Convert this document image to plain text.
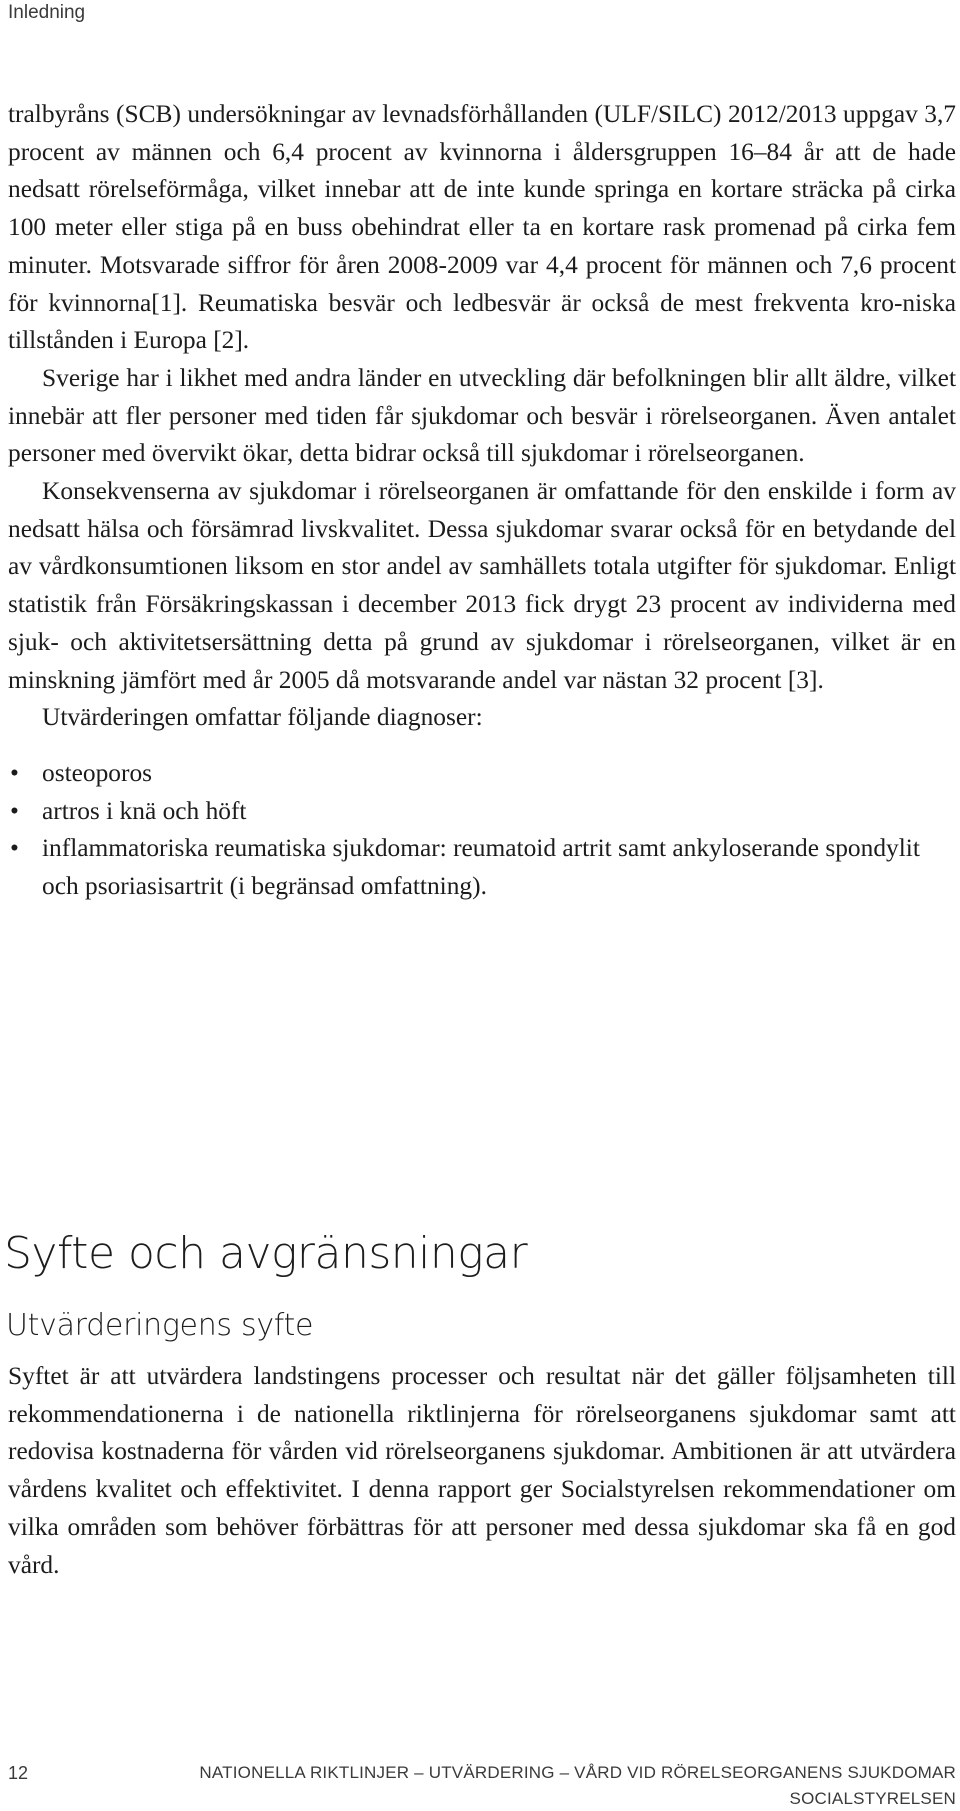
Inledning

tralbyråns (SCB) undersökningar av levnadsförhållanden (ULF/SILC) 2012/2013 uppgav 3,7 procent av männen och 6,4 procent av kvinnorna i åldersgruppen 16–84 år att de hade nedsatt rörelseförmåga, vilket innebar att de inte kunde springa en kortare sträcka på cirka 100 meter eller stiga på en buss obehindrat eller ta en kortare rask promenad på cirka fem minuter. Motsvarade siffror för åren 2008-2009 var 4,4 procent för männen och 7,6 procent för kvinnorna[1]. Reumatiska besvär och ledbesvär är också de mest frekventa kro-niska tillstånden i Europa [2].

Sverige har i likhet med andra länder en utveckling där befolkningen blir allt äldre, vilket innebär att fler personer med tiden får sjukdomar och besvär i rörelseorganen. Även antalet personer med övervikt ökar, detta bidrar också till sjukdomar i rörelseorganen.

Konsekvenserna av sjukdomar i rörelseorganen är omfattande för den enskilde i form av nedsatt hälsa och försämrad livskvalitet. Dessa sjukdomar svarar också för en betydande del av vårdkonsumtionen liksom en stor andel av samhällets totala utgifter för sjukdomar. Enligt statistik från Försäkringskassan i december 2013 fick drygt 23 procent av individerna med sjuk- och aktivitetsersättning detta på grund av sjukdomar i rörelseorganen, vilket är en minskning jämfört med år 2005 då motsvarande andel var nästan 32 procent [3].

Utvärderingen omfattar följande diagnoser:

• osteoporos
• artros i knä och höft
• inflammatoriska reumatiska sjukdomar: reumatoid artrit samt ankyloserande spondylit och psoriasisartrit (i begränsad omfattning).
Syfte och avgränsningar
Utvärderingens syfte

Syftet är att utvärdera landstingens processer och resultat när det gäller följsamheten till rekommendationerna i de nationella riktlinjerna för rörelseorganens sjukdomar samt att redovisa kostnaderna för vården vid rörelseorganens sjukdomar. Ambitionen är att utvärdera vårdens kvalitet och effektivitet. I denna rapport ger Socialstyrelsen rekommendationer om vilka områden som behöver förbättras för att personer med dessa sjukdomar ska få en god vård.

12	NATIONELLA RIKTLINJER – UTVÄRDERING – VÅRD VID RÖRELSEORGANENS SJUKDOMAR
SOCIALSTYRELSEN
